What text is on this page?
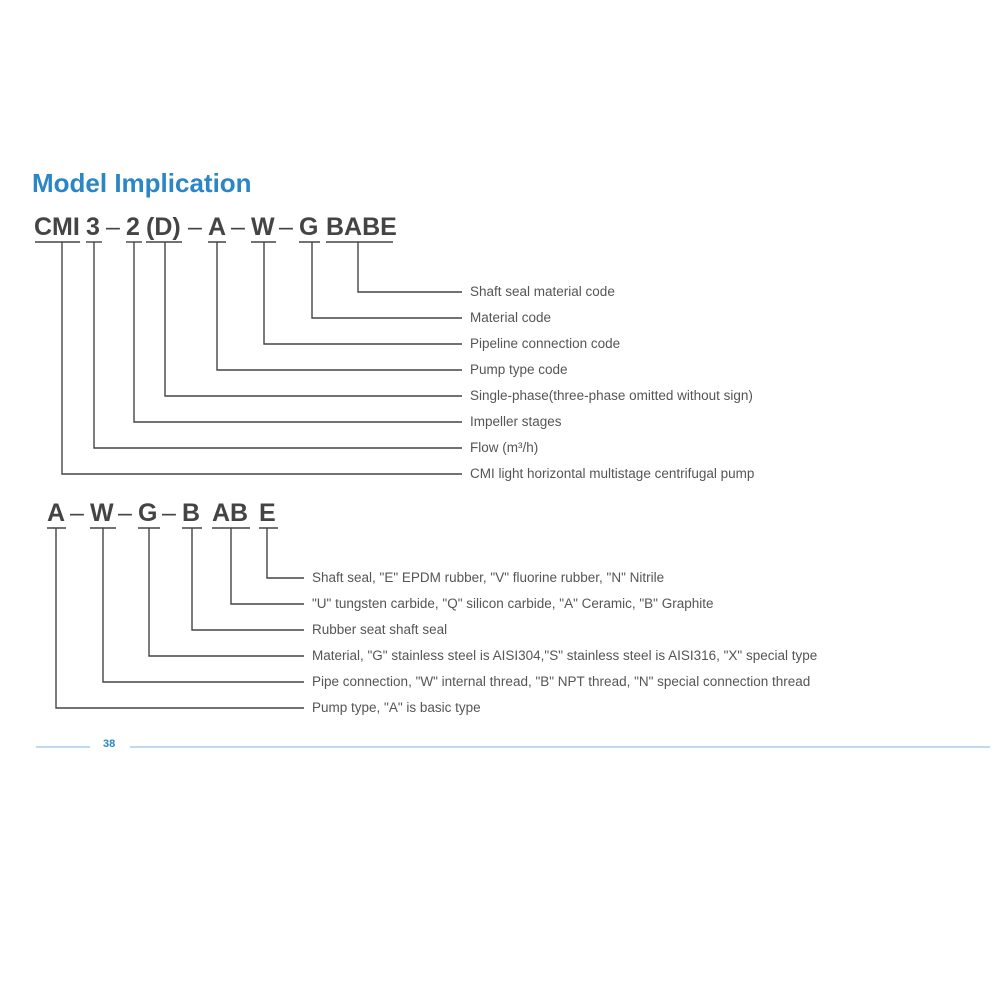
Model Implication
CMI 3 – 2 (D) – A – W – G BABE
Shaft seal material code
Material code
Pipeline connection code
Pump type code
Single-phase(three-phase omitted without sign)
Impeller stages
Flow (m³/h)
CMI light horizontal multistage centrifugal pump
A – W – G – B AB E
Shaft seal, "E" EPDM rubber, "V" fluorine rubber, "N" Nitrile
"U" tungsten carbide, "Q" silicon carbide, "A" Ceramic, "B" Graphite
Rubber seat shaft seal
Material, "G" stainless steel is AISI304,"S" stainless steel is AISI316, "X" special type
Pipe connection, "W" internal thread, "B" NPT thread, "N" special connection thread
Pump type, "A" is basic type
38
